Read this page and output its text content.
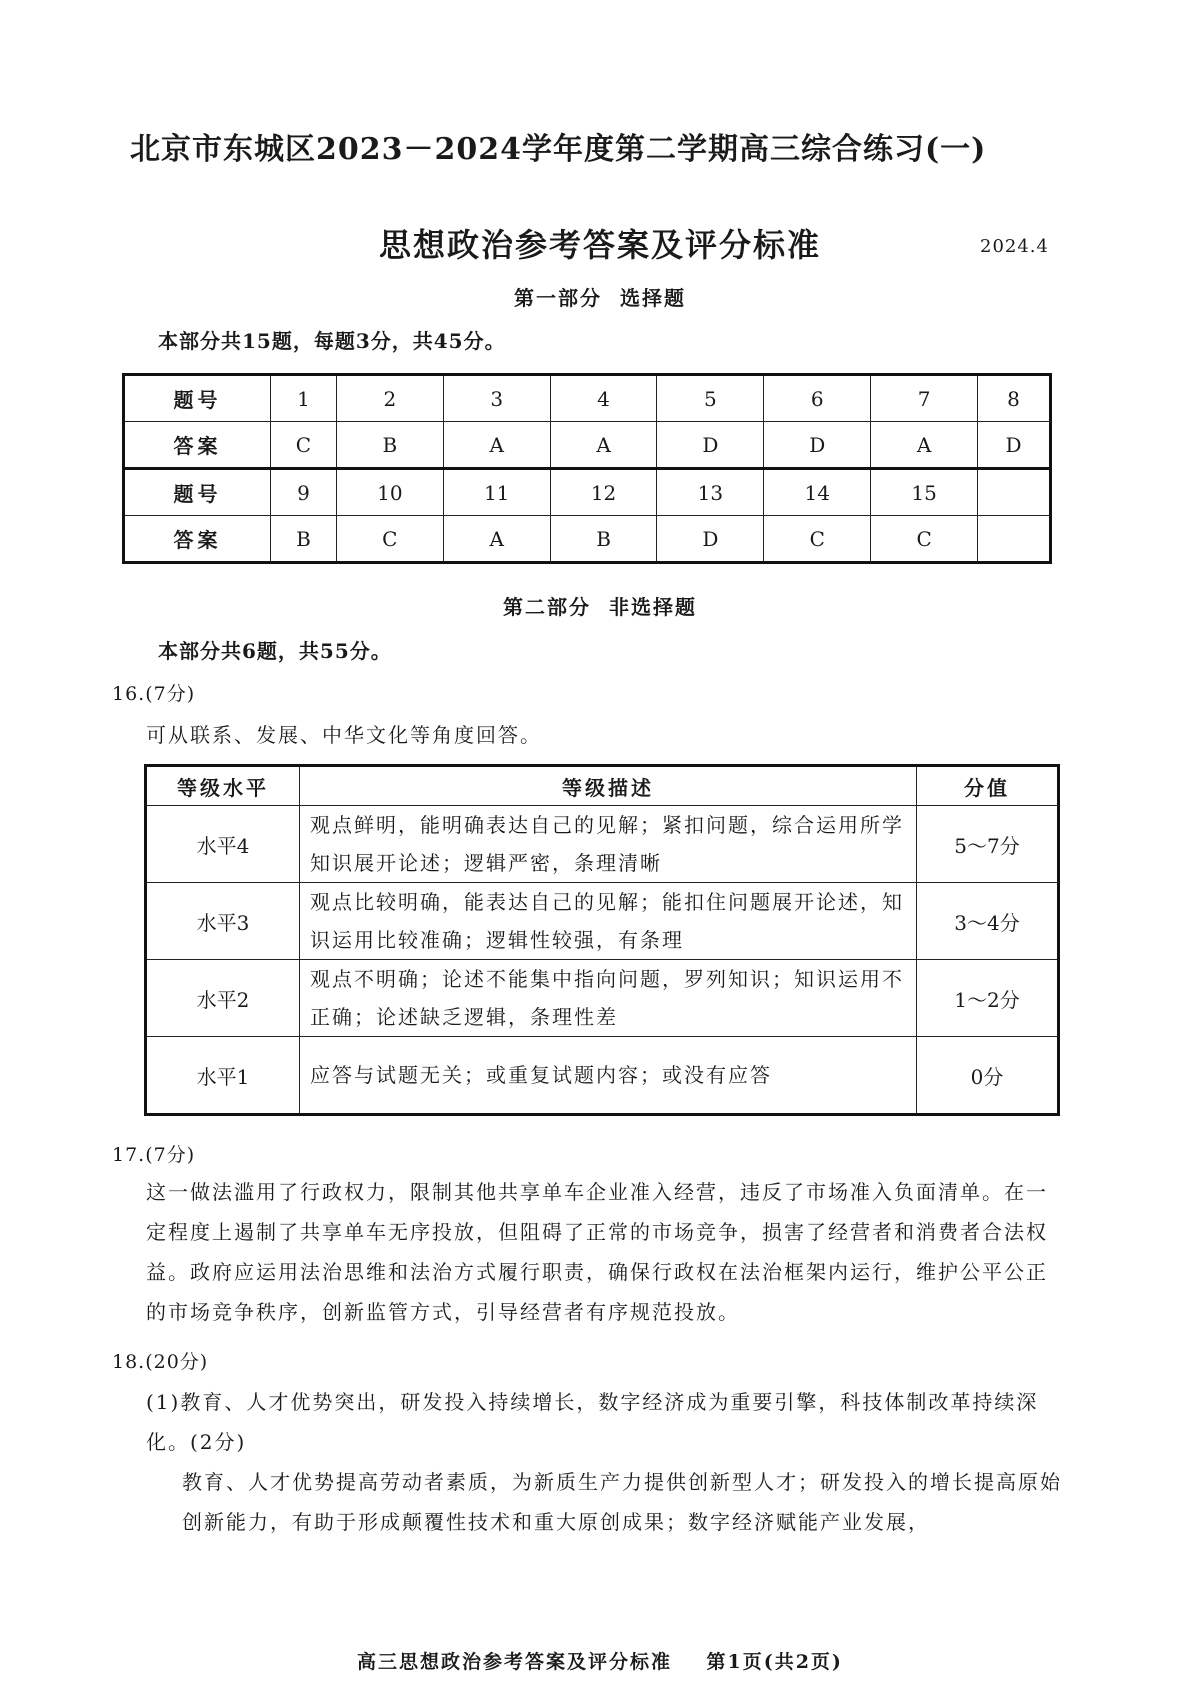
北京市东城区2023－2024学年度第二学期高三综合练习(一)
思想政治参考答案及评分标准	2024.4
第一部分  选择题
本部分共15题，每题3分，共45分。
题号	1	2	3	4	5	6	7	8
答案	C	B	A	A	D	D	A	D
题号	9	10	11	12	13	14	15	
答案	B	C	A	B	D	C	C	
第二部分  非选择题
本部分共6题，共55分。
16.(7分)
可从联系、发展、中华文化等角度回答。
等级水平	等级描述	分值
水平4	观点鲜明，能明确表达自己的见解；紧扣问题，综合运用所学知识展开论述；逻辑严密，条理清晰	5～7分
水平3	观点比较明确，能表达自己的见解；能扣住问题展开论述，知识运用比较准确；逻辑性较强，有条理	3～4分
水平2	观点不明确；论述不能集中指向问题，罗列知识；知识运用不正确；论述缺乏逻辑，条理性差	1～2分
水平1	应答与试题无关；或重复试题内容；或没有应答	0分
17.(7分)
这一做法滥用了行政权力，限制其他共享单车企业准入经营，违反了市场准入负面清单。在一定程度上遏制了共享单车无序投放，但阻碍了正常的市场竞争，损害了经营者和消费者合法权益。政府应运用法治思维和法治方式履行职责，确保行政权在法治框架内运行，维护公平公正的市场竞争秩序，创新监管方式，引导经营者有序规范投放。
18.(20分)
(1)教育、人才优势突出，研发投入持续增长，数字经济成为重要引擎，科技体制改革持续深化。(2分)
教育、人才优势提高劳动者素质，为新质生产力提供创新型人才；研发投入的增长提高原始创新能力，有助于形成颠覆性技术和重大原创成果；数字经济赋能产业发展，
高三思想政治参考答案及评分标准    第1页(共2页)
